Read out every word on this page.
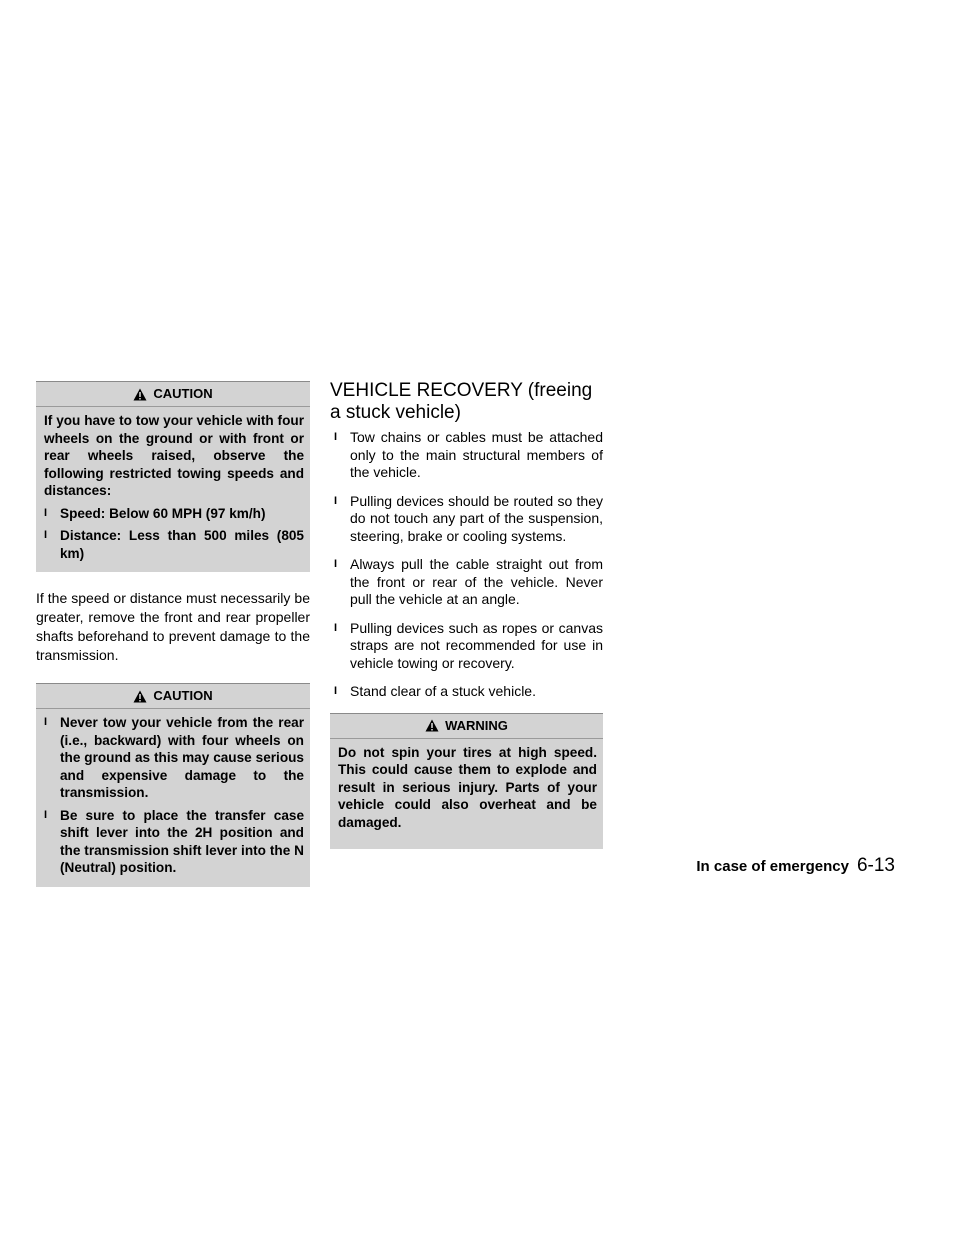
CAUTION

If you have to tow your vehicle with four wheels on the ground or with front or rear wheels raised, observe the following restricted towing speeds and distances:

I Speed: Below 60 MPH (97 km/h)
I Distance: Less than 500 miles (805 km)

If the speed or distance must necessarily be greater, remove the front and rear propeller shafts beforehand to prevent damage to the transmission.

CAUTION
I Never tow your vehicle from the rear (i.e., backward) with four wheels on the ground as this may cause serious and expensive damage to the transmission.
I Be sure to place the transfer case shift lever into the 2H position and the transmission shift lever into the N (Neutral) position.
VEHICLE RECOVERY (freeing a stuck vehicle)
I Tow chains or cables must be attached only to the main structural members of the vehicle.
I Pulling devices should be routed so they do not touch any part of the suspension, steering, brake or cooling systems.
I Always pull the cable straight out from the front or rear of the vehicle. Never pull the vehicle at an angle.
I Pulling devices such as ropes or canvas straps are not recommended for use in vehicle towing or recovery.
I Stand clear of a stuck vehicle.
WARNING

Do not spin your tires at high speed. This could cause them to explode and result in serious injury. Parts of your vehicle could also overheat and be damaged.

In case of emergency 6-13
